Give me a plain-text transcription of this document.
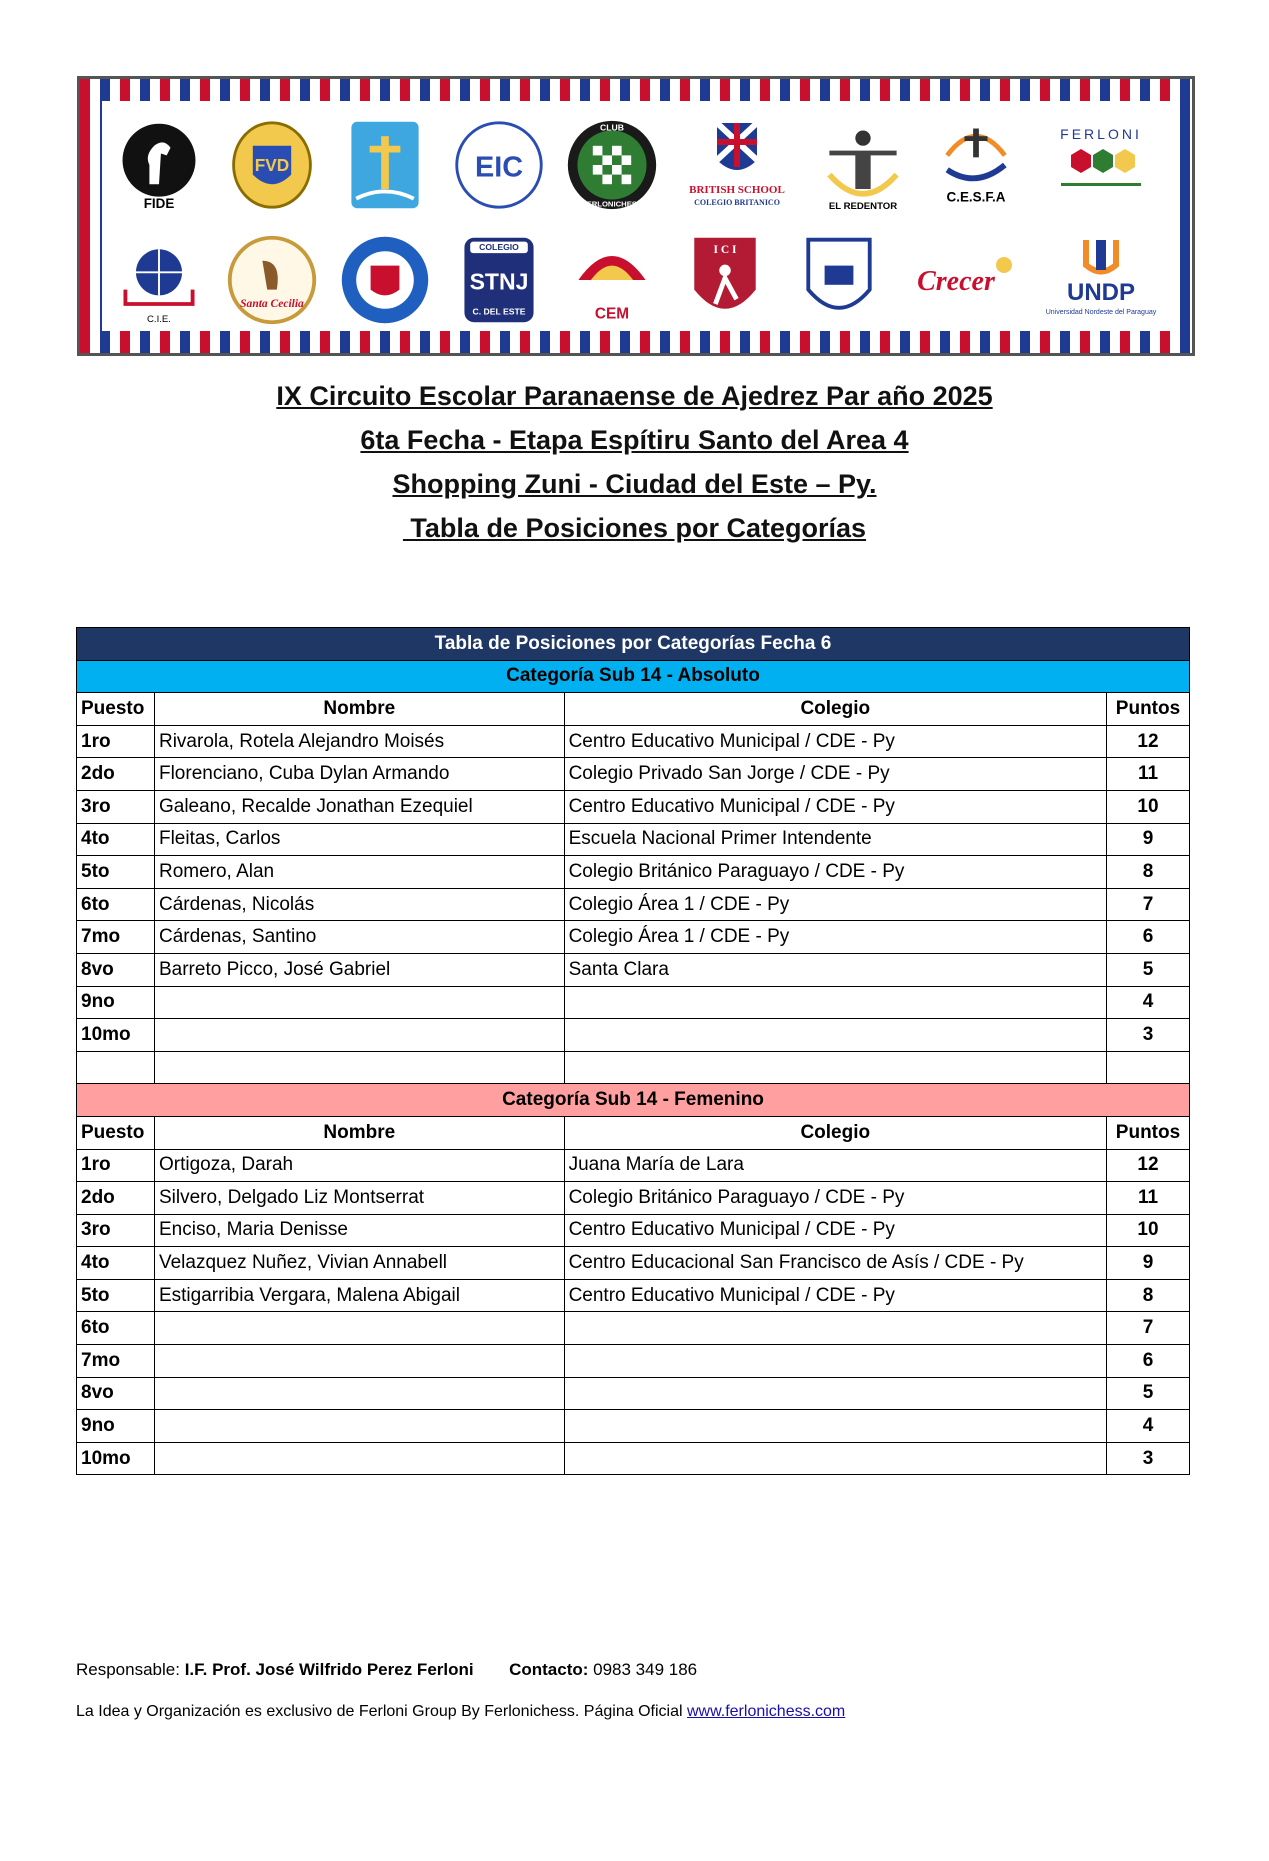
FIDE
FVD	EIC
CLUB
FERLONICHESS
BRITISH SCHOOL
COLEGIO BRITANICO	EL REDENTOR
C.E.S.F.A
FERLONI
C.I.E.
Santa Cecilia
COLEGIO
STNJ
C. DEL ESTE	CEM
I C I
Crecer	UNDP
Universidad Nordeste del Paraguay
IX Circuito Escolar Paranaense de Ajedrez Par año 2025
6ta Fecha - Etapa Espítiru Santo del Area 4
Shopping Zuni - Ciudad del Este – Py.
Tabla de Posiciones por Categorías
Tabla de Posiciones por Categorías Fecha 6			
Categoría Sub 14 - Absoluto			
Puesto	Nombre	Colegio	Puntos
1ro	Rivarola, Rotela Alejandro Moisés	Centro Educativo Municipal / CDE - Py	12
2do	Florenciano, Cuba Dylan Armando	Colegio Privado San Jorge / CDE - Py	11
3ro	Galeano, Recalde Jonathan Ezequiel	Centro Educativo Municipal / CDE - Py	10
4to	Fleitas, Carlos	Escuela Nacional Primer Intendente	9
5to	Romero, Alan	Colegio Británico Paraguayo / CDE - Py	8
6to	Cárdenas, Nicolás	Colegio Área 1 / CDE - Py	7
7mo	Cárdenas, Santino	Colegio Área 1 / CDE - Py	6
8vo	Barreto Picco, José Gabriel	Santa Clara	5
9no			4
10mo			3

Categoría Sub 14 - Femenino			
Puesto	Nombre	Colegio	Puntos
1ro	Ortigoza, Darah	Juana María de Lara	12
2do	Silvero, Delgado Liz Montserrat	Colegio Británico Paraguayo / CDE - Py	11
3ro	Enciso, Maria Denisse	Centro Educativo Municipal / CDE - Py	10
4to	Velazquez Nuñez, Vivian Annabell	Centro Educacional San Francisco de Asís / CDE - Py	9
5to	Estigarribia Vergara, Malena Abigail	Centro Educativo Municipal / CDE - Py	8
6to			7
7mo			6
8vo			5
9no			4
10mo			3
Responsable: I.F. Prof. José Wilfrido Perez Ferloni Contacto: 0983 349 186
La Idea y Organización es exclusivo de Ferloni Group By Ferlonichess. Página Oficial www.ferlonichess.com
